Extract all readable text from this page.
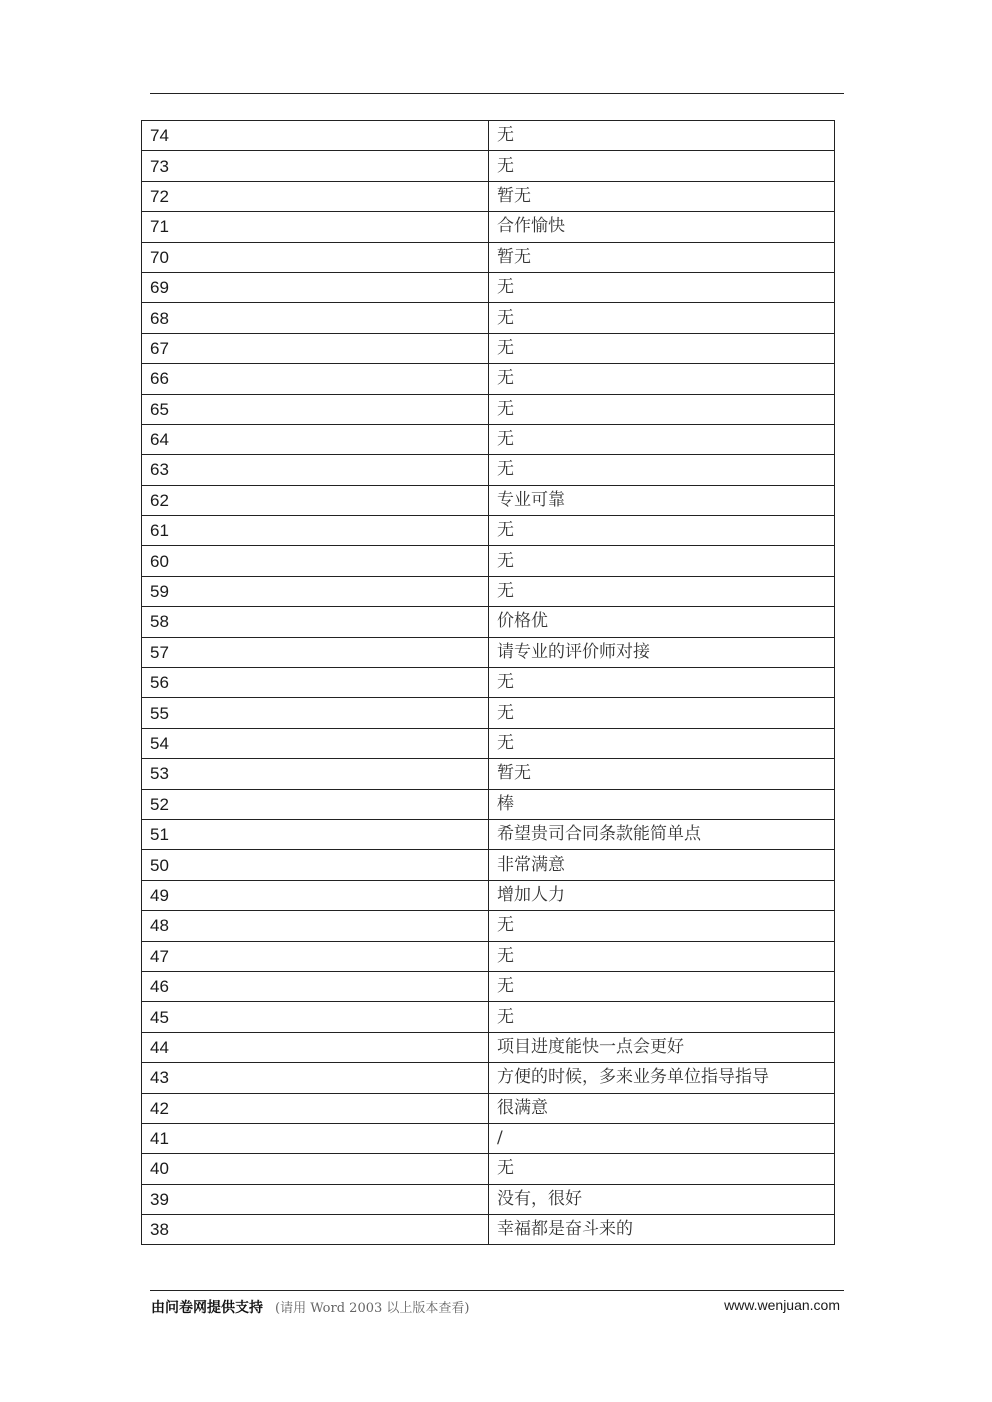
74	无
73	无
72	暂无
71	合作愉快
70	暂无
69	无
68	无
67	无
66	无
65	无
64	无
63	无
62	专业可靠
61	无
60	无
59	无
58	价格优
57	请专业的评价师对接
56	无
55	无
54	无
53	暂无
52	棒
51	希望贵司合同条款能简单点
50	非常满意
49	增加人力
48	无
47	无
46	无
45	无
44	项目进度能快一点会更好
43	方便的时候，多来业务单位指导指导
42	很满意
41	/
40	无
39	没有，很好
38	幸福都是奋斗来的
由问卷网提供支持 (请用 Word 2003 以上版本查看)	www.wenjuan.com
